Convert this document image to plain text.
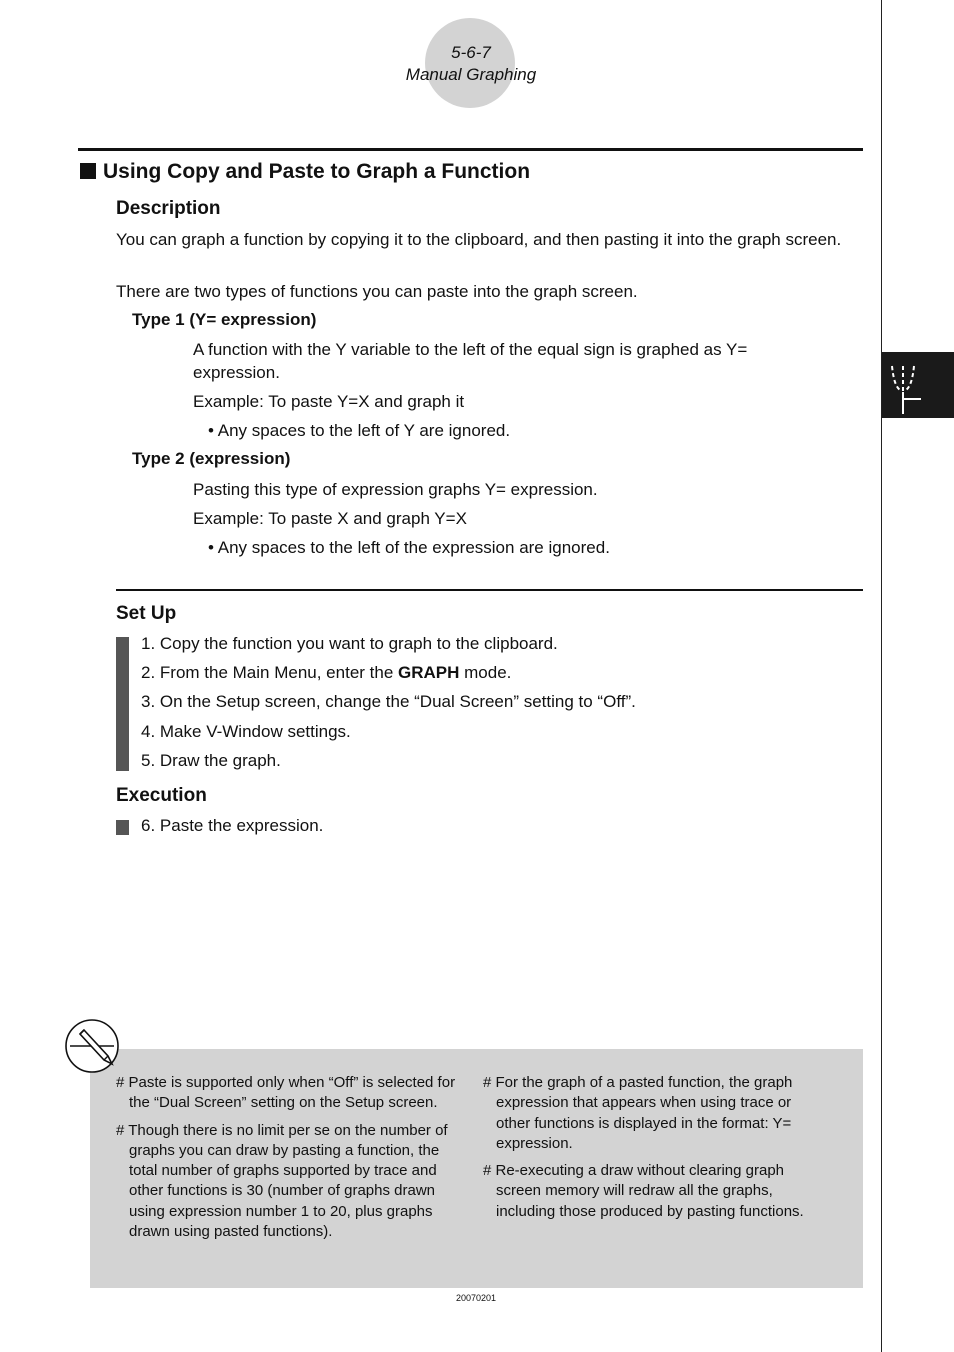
5-6-7
Manual Graphing
Using Copy and Paste to Graph a Function
Description
You can graph a function by copying it to the clipboard, and then pasting it into the graph screen.
There are two types of functions you can paste into the graph screen.
Type 1 (Y= expression)
A function with the Y variable to the left of the equal sign is graphed as Y= expression.
Example: To paste Y=X and graph it
• Any spaces to the left of Y are ignored.
Type 2 (expression)
Pasting this type of expression graphs Y= expression.
Example: To paste X and graph Y=X
• Any spaces to the left of the expression are ignored.
Set Up
1. Copy the function you want to graph to the clipboard.
2. From the Main Menu, enter the GRAPH mode.
3. On the Setup screen, change the “Dual Screen” setting to “Off”.
4. Make V-Window settings.
5. Draw the graph.
Execution
6. Paste the expression.

# Paste is supported only when “Off” is selected for the “Dual Screen” setting on the Setup screen.

# Though there is no limit per se on the number of graphs you can draw by pasting a function, the total number of graphs supported by trace and other functions is 30 (number of graphs drawn using expression number 1 to 20, plus graphs drawn using pasted functions).

# For the graph of a pasted function, the graph expression that appears when using trace or other functions is displayed in the format: Y= expression.

# Re-executing a draw without clearing graph screen memory will redraw all the graphs, including those produced by pasting functions.

20070201
